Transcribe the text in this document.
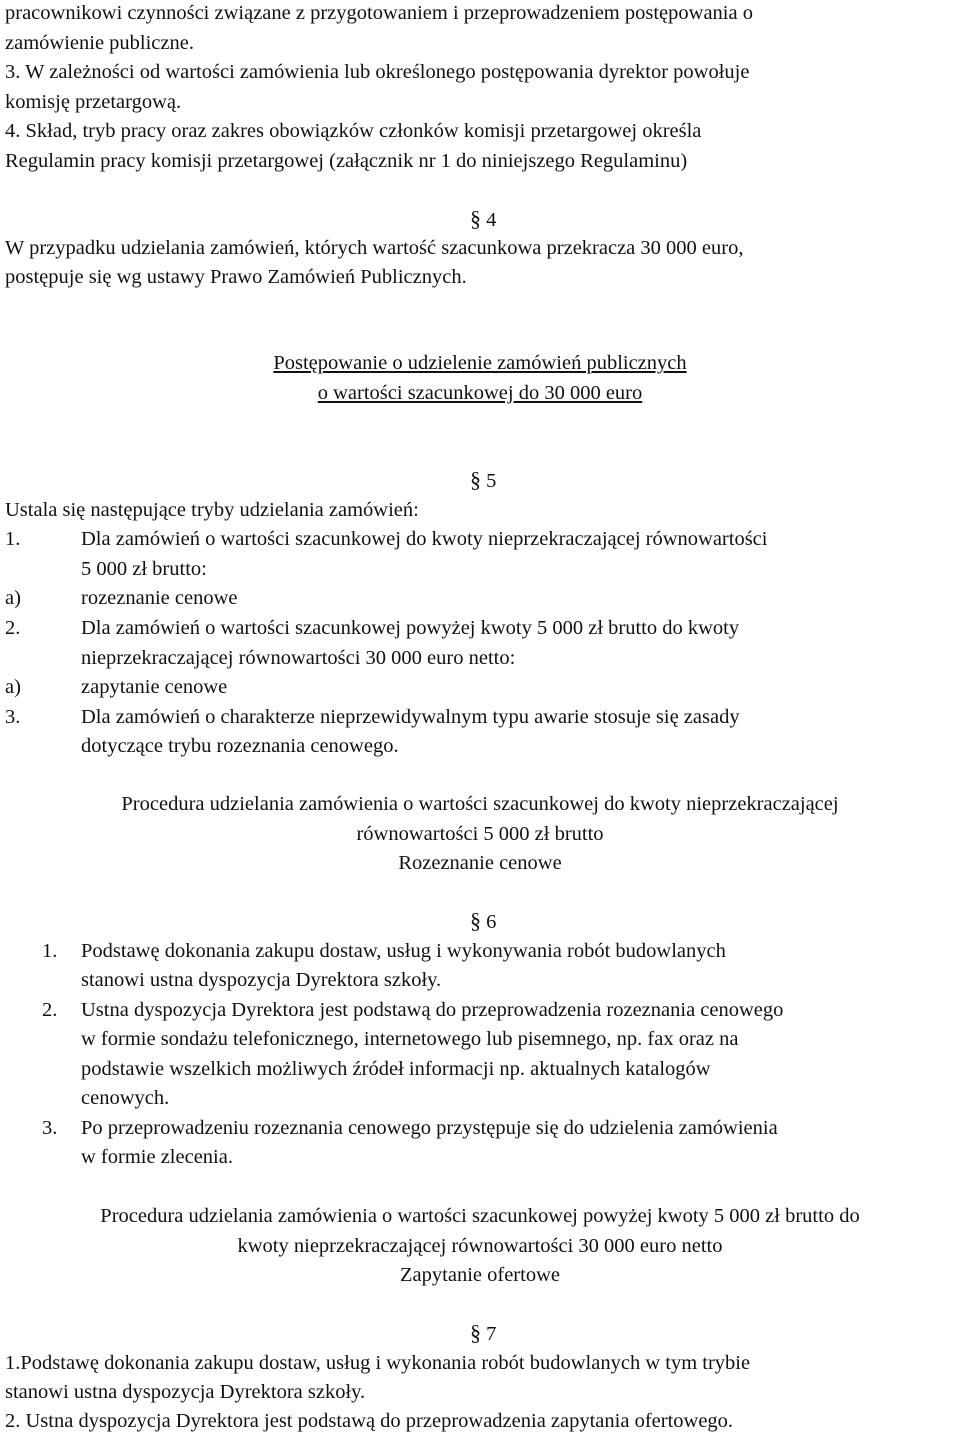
pracownikowi czynności związane z przygotowaniem i przeprowadzeniem postępowania o
zamówienie publiczne.
3. W zależności od wartości zamówienia lub określonego postępowania dyrektor powołuje
komisję przetargową.
4. Skład, tryb pracy oraz zakres obowiązków członków komisji przetargowej określa
Regulamin pracy komisji przetargowej (załącznik nr 1 do niniejszego Regulaminu)
§ 4
W przypadku udzielania zamówień, których wartość szacunkowa przekracza 30 000 euro,
postępuje się wg ustawy Prawo Zamówień Publicznych.
Postępowanie o udzielenie zamówień publicznych
o wartości szacunkowej do 30 000 euro
§ 5
Ustala się następujące tryby udzielania zamówień:
1.	Dla zamówień o wartości szacunkowej do kwoty nieprzekraczającej równowartości
5 000 zł brutto:
a)	rozeznanie cenowe
2.	Dla zamówień o wartości szacunkowej powyżej kwoty 5 000 zł brutto do kwoty
nieprzekraczającej równowartości 30 000 euro netto:
a)	zapytanie cenowe
3.	Dla zamówień o charakterze nieprzewidywalnym typu awarie stosuje się zasady
dotyczące trybu rozeznania cenowego.
Procedura udzielania zamówienia o wartości szacunkowej do kwoty nieprzekraczającej
równowartości 5 000 zł brutto
Rozeznanie cenowe
§ 6
1. Podstawę dokonania zakupu dostaw, usług i wykonywania robót budowlanych
stanowi ustna dyspozycja Dyrektora szkoły.
2. Ustna dyspozycja Dyrektora jest podstawą do przeprowadzenia rozeznania cenowego
w formie sondażu telefonicznego, internetowego lub pisemnego, np. fax oraz na
podstawie wszelkich możliwych źródeł informacji np. aktualnych katalogów
cenowych.
3. Po przeprowadzeniu rozeznania cenowego przystępuje się do udzielenia zamówienia
w formie zlecenia.
Procedura udzielania zamówienia o wartości szacunkowej powyżej kwoty 5 000 zł brutto do
kwoty nieprzekraczającej równowartości 30 000 euro netto
Zapytanie ofertowe
§ 7
1.Podstawę dokonania zakupu dostaw, usług i wykonania robót budowlanych w tym trybie
stanowi ustna dyspozycja Dyrektora szkoły.
2. Ustna dyspozycja Dyrektora jest podstawą do przeprowadzenia zapytania ofertowego.
